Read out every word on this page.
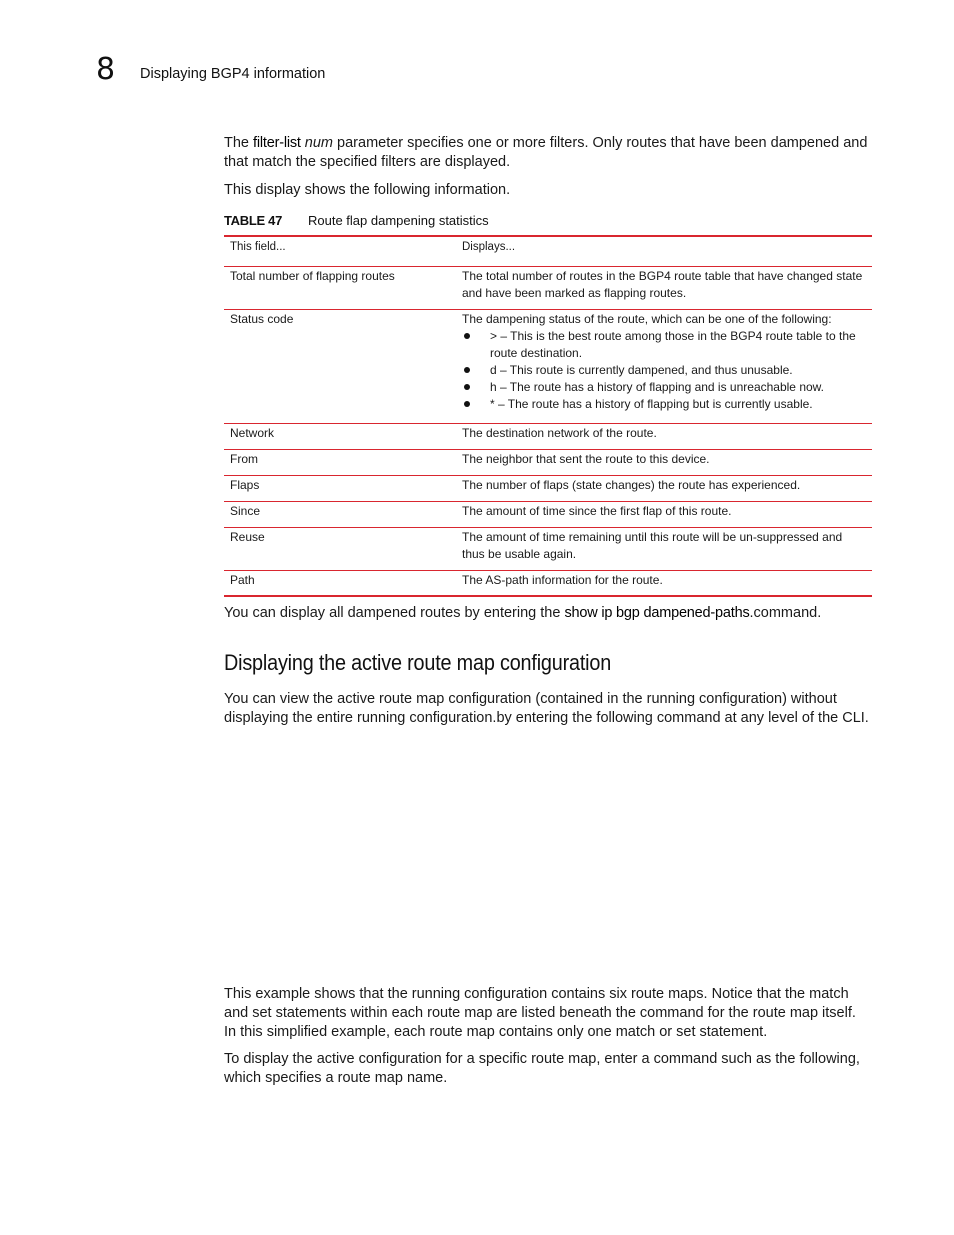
8 Displaying BGP4 information

The filter-list num parameter specifies one or more filters. Only routes that have been dampened and that match the specified filters are displayed.

This display shows the following information.

TABLE 47 Route flap dampening statistics
This field...	Displays...
Total number of flapping routes	The total number of routes in the BGP4 route table that have changed state and have been marked as flapping routes.
Status code	The dampening status of the route, which can be one of the following:
> – This is the best route among those in the BGP4 route table to the route destination.
d – This route is currently dampened, and thus unusable.
h – The route has a history of flapping and is unreachable now.
* – The route has a history of flapping but is currently usable.
Network	The destination network of the route.
From	The neighbor that sent the route to this device.
Flaps	The number of flaps (state changes) the route has experienced.
Since	The amount of time since the first flap of this route.
Reuse	The amount of time remaining until this route will be un-suppressed and thus be usable again.
Path	The AS-path information for the route.

You can display all dampened routes by entering the show ip bgp dampened-paths.command.

Displaying the active route map configuration

You can view the active route map configuration (contained in the running configuration) without displaying the entire running configuration.by entering the following command at any level of the CLI.

This example shows that the running configuration contains six route maps. Notice that the match and set statements within each route map are listed beneath the command for the route map itself. In this simplified example, each route map contains only one match or set statement.

To display the active configuration for a specific route map, enter a command such as the following, which specifies a route map name.
